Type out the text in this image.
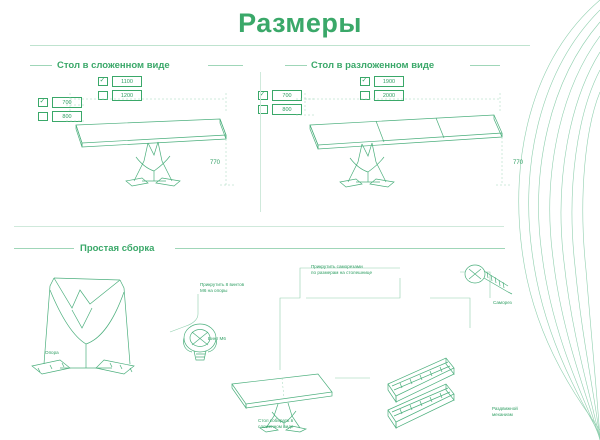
Размеры
Стол в сложенном виде
✓
1100
1200
✓
700
800
770
Стол в разложенном виде
✓
1900
2000
✓
700
800
770
Простая сборка
Опора
Винт М6
Прикрутить 8 винтов
М6 на опоры
Прикрутить саморезами
по размерам на столешнице
Саморез
Стол собирать в
сложенном виде
Раздвижной
механизм
